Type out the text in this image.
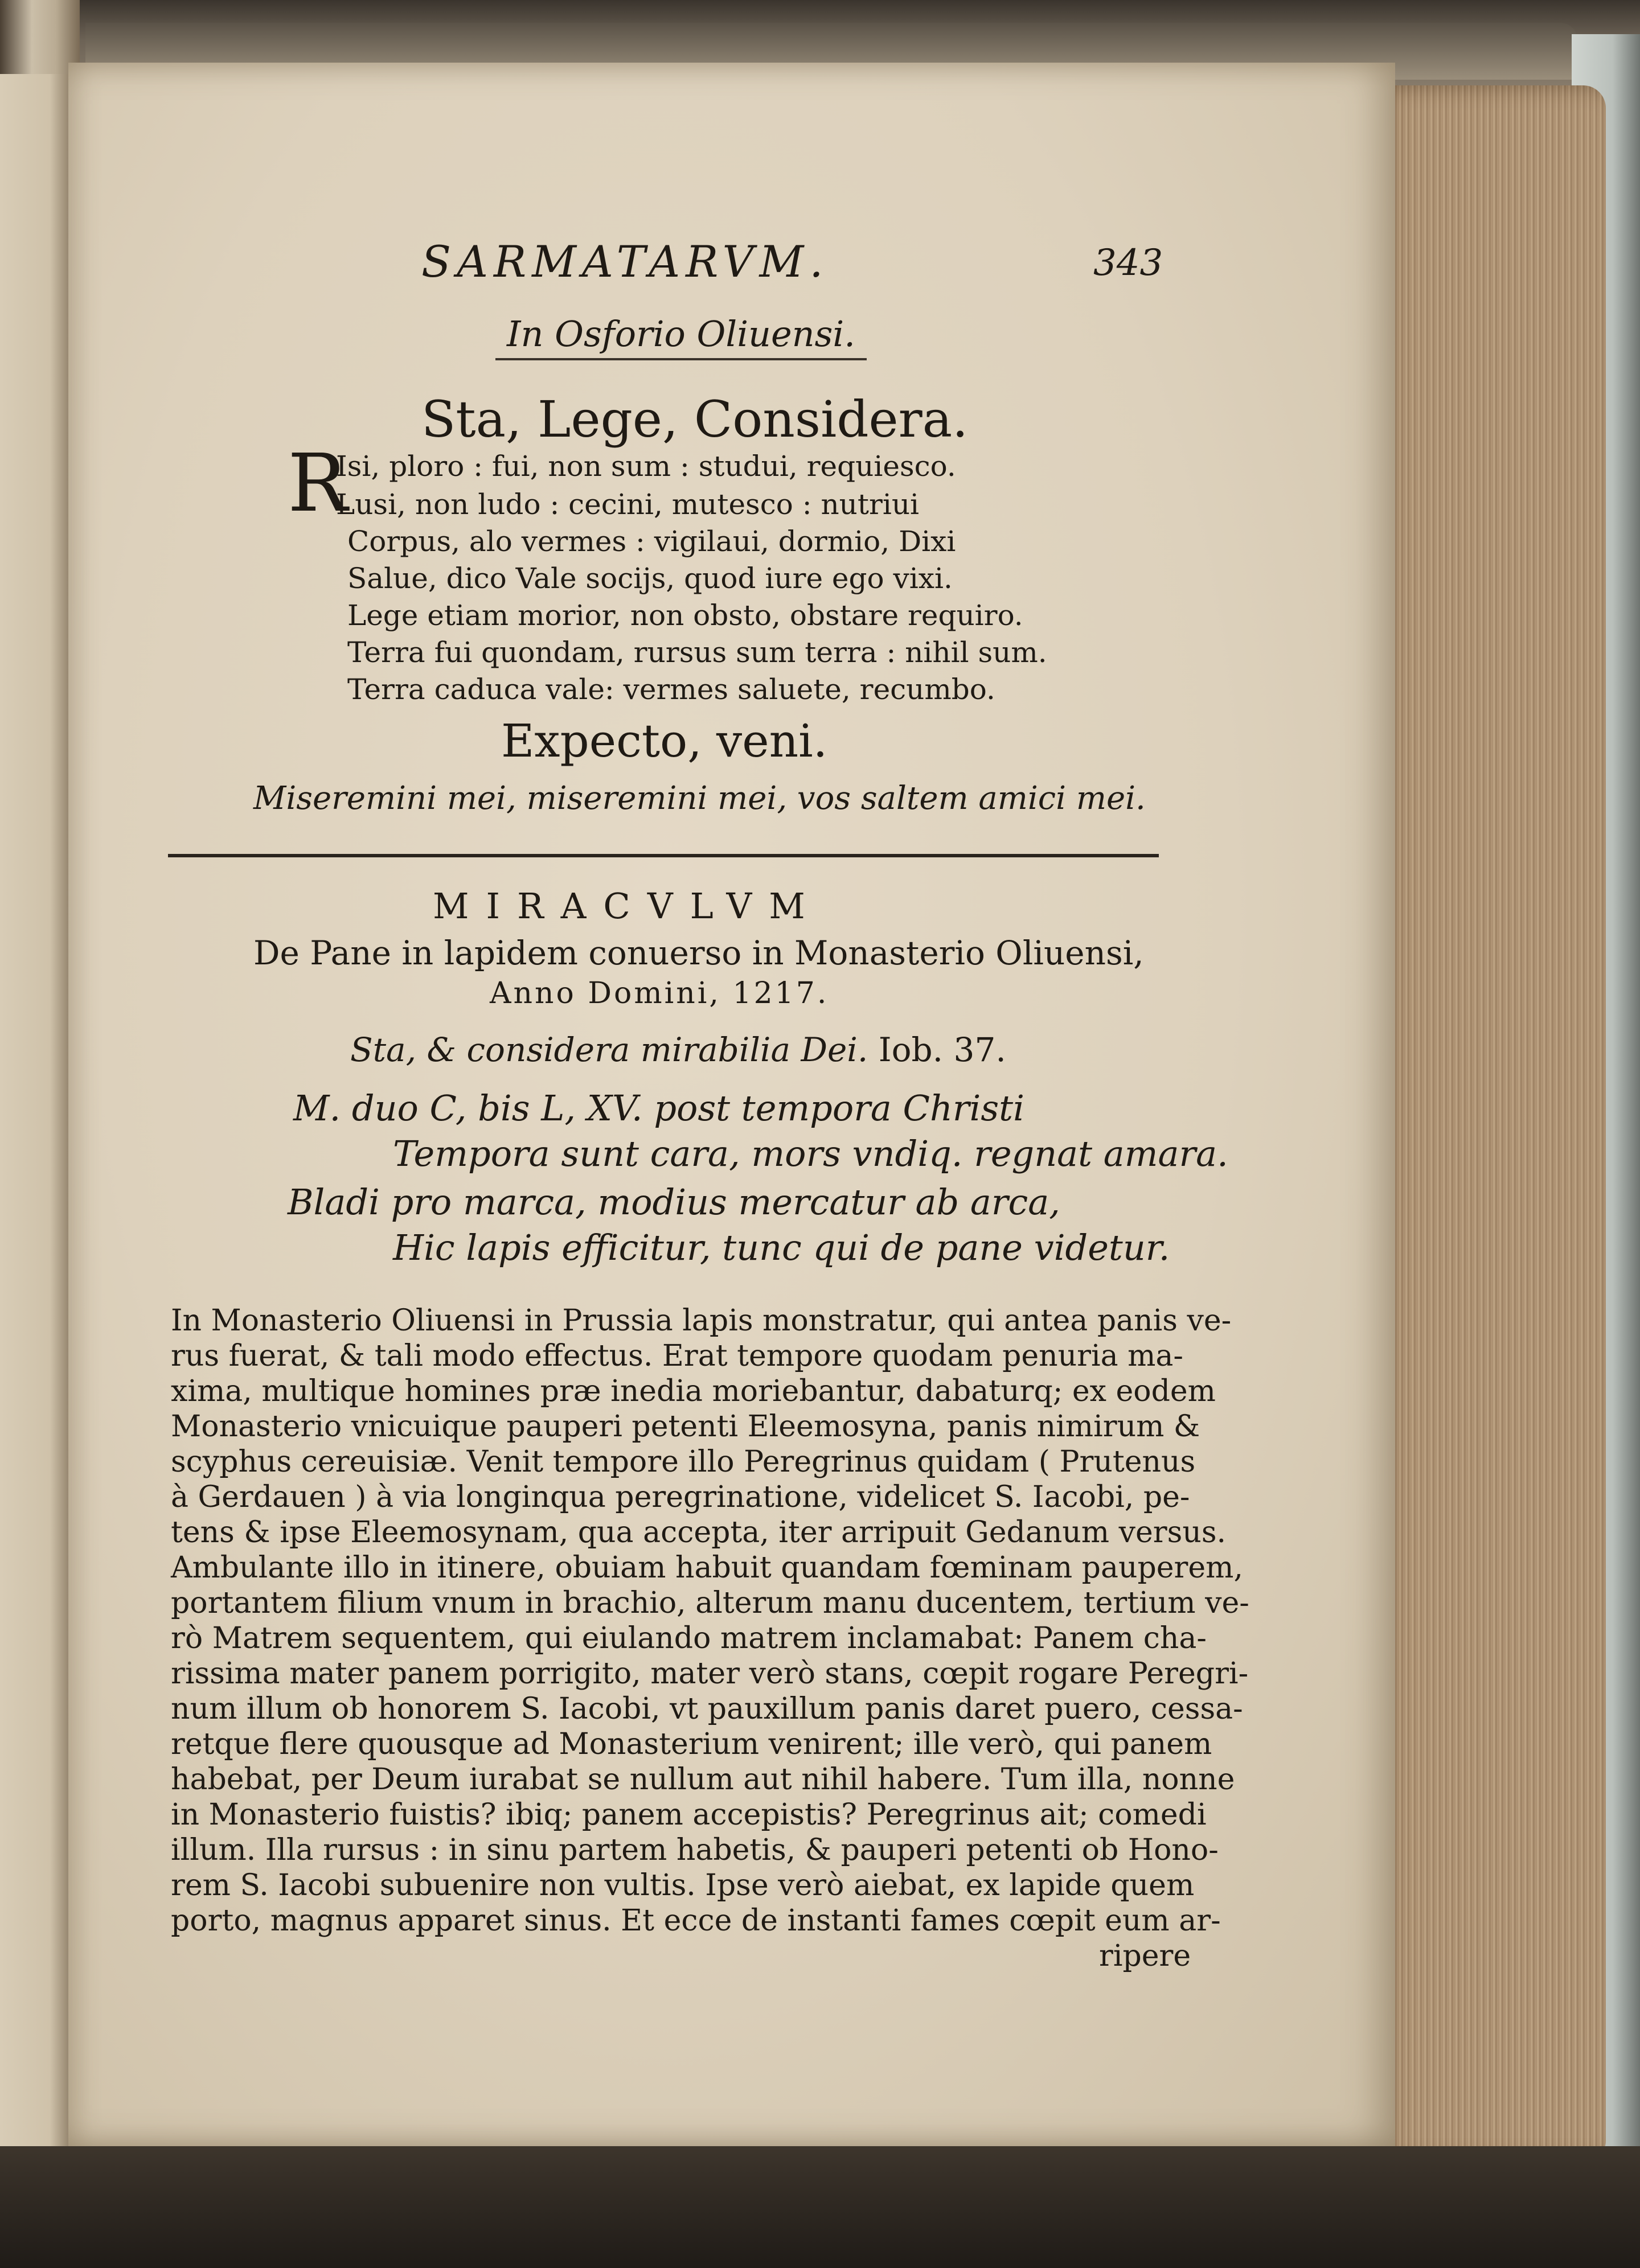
SARMATARVM.	343
In Osforio Oliuensi.
Sta, Lege, Considera.
R
Isi, ploro : fui, non sum : studui, requiesco.
Lusi, non ludo : cecini, mutesco : nutriui
Corpus, alo vermes : vigilaui, dormio, Dixi
Salue, dico Vale socijs, quod iure ego vixi.
Lege etiam morior, non obsto, obstare requiro.
Terra fui quondam, rursus sum terra : nihil sum.
Terra caduca vale: vermes saluete, recumbo.
Expecto, veni.
Miseremini mei, miseremini mei, vos saltem amici mei.
MIRACVLVM
De Pane in lapidem conuerso in Monasterio Oliuensi,
Anno Domini, 1217.
Sta, & considera mirabilia Dei. Iob. 37.
M. duo C, bis L, XV. post tempora Christi
Tempora sunt cara, mors vndiq. regnat amara.
Bladi pro marca, modius mercatur ab arca,
Hic lapis efficitur, tunc qui de pane videtur.
In Monasterio Oliuensi in Prussia lapis monstratur, qui antea panis ve-
rus fuerat, & tali modo effectus. Erat tempore quodam penuria ma-
xima, multique homines præ inedia moriebantur, dabaturq; ex eodem
Monasterio vnicuique pauperi petenti Eleemosyna, panis nimirum &
scyphus cereuisiæ. Venit tempore illo Peregrinus quidam ( Prutenus
à Gerdauen ) à via longinqua peregrinatione, videlicet S. Iacobi, pe-
tens & ipse Eleemosynam, qua accepta, iter arripuit Gedanum versus.
Ambulante illo in itinere, obuiam habuit quandam fœminam pauperem,
portantem filium vnum in brachio, alterum manu ducentem, tertium ve-
rò Matrem sequentem, qui eiulando matrem inclamabat: Panem cha-
rissima mater panem porrigito, mater verò stans, cœpit rogare Peregri-
num illum ob honorem S. Iacobi, vt pauxillum panis daret puero, cessa-
retque flere quousque ad Monasterium venirent; ille verò, qui panem
habebat, per Deum iurabat se nullum aut nihil habere. Tum illa, nonne
in Monasterio fuistis? ibiq; panem accepistis? Peregrinus ait; comedi
illum. Illa rursus : in sinu partem habetis, & pauperi petenti ob Hono-
rem S. Iacobi subuenire non vultis. Ipse verò aiebat, ex lapide quem
porto, magnus apparet sinus. Et ecce de instanti fames cœpit eum ar-
ripere
